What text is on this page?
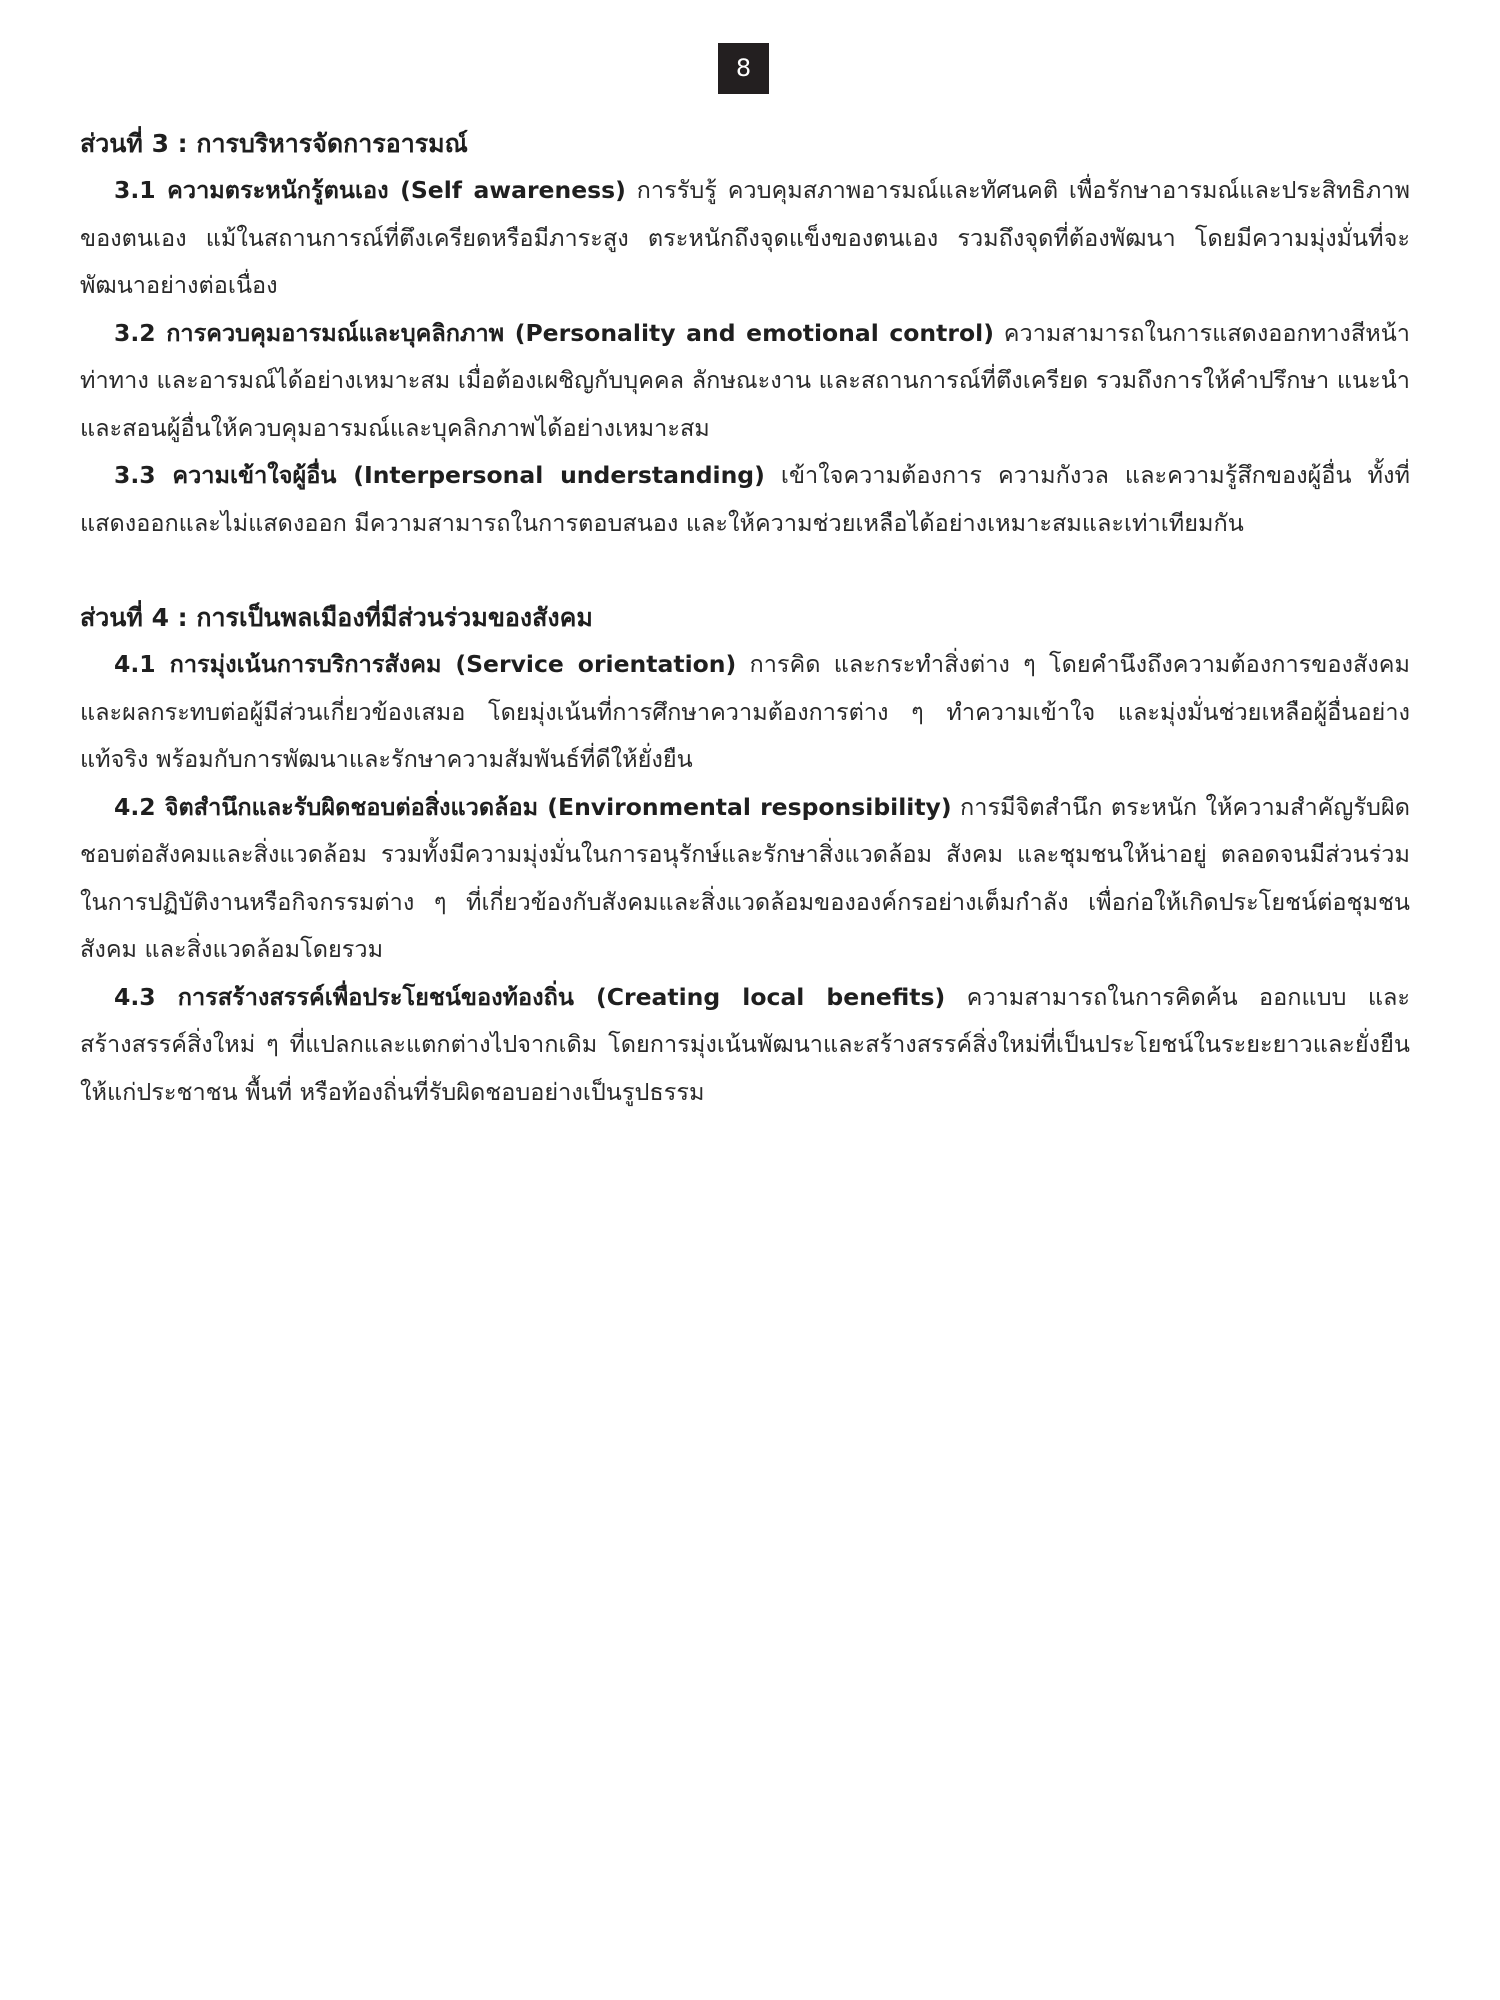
8
ส่วนที่ 3 : การบริหารจัดการอารมณ์

3.1 ความตระหนักรู้ตนเอง (Self awareness) การรับรู้ ควบคุมสภาพอารมณ์และทัศนคติ เพื่อรักษาอารมณ์และประสิทธิภาพของตนเอง แม้ในสถานการณ์ที่ตึงเครียดหรือมีภาระสูง ตระหนักถึงจุดแข็งของตนเอง รวมถึงจุดที่ต้องพัฒนา โดยมีความมุ่งมั่นที่จะพัฒนาอย่างต่อเนื่อง

3.2 การควบคุมอารมณ์และบุคลิกภาพ (Personality and emotional control) ความสามารถในการแสดงออกทางสีหน้า ท่าทาง และอารมณ์ได้อย่างเหมาะสม เมื่อต้องเผชิญกับบุคคล ลักษณะงาน และสถานการณ์ที่ตึงเครียด รวมถึงการให้คำปรึกษา แนะนำ และสอนผู้อื่นให้ควบคุมอารมณ์และบุคลิกภาพได้อย่างเหมาะสม

3.3 ความเข้าใจผู้อื่น (Interpersonal understanding) เข้าใจความต้องการ ความกังวล และความรู้สึกของผู้อื่น ทั้งที่แสดงออกและไม่แสดงออก มีความสามารถในการตอบสนอง และให้ความช่วยเหลือได้อย่างเหมาะสมและเท่าเทียมกัน

ส่วนที่ 4 : การเป็นพลเมืองที่มีส่วนร่วมของสังคม

4.1 การมุ่งเน้นการบริการสังคม (Service orientation) การคิด และกระทำสิ่งต่าง ๆ โดยคำนึงถึงความต้องการของสังคมและผลกระทบต่อผู้มีส่วนเกี่ยวข้องเสมอ โดยมุ่งเน้นที่การศึกษาความต้องการต่าง ๆ ทำความเข้าใจ และมุ่งมั่นช่วยเหลือผู้อื่นอย่างแท้จริง พร้อมกับการพัฒนาและรักษาความสัมพันธ์ที่ดีให้ยั่งยืน

4.2 จิตสำนึกและรับผิดชอบต่อสิ่งแวดล้อม (Environmental responsibility) การมีจิตสำนึก ตระหนัก ให้ความสำคัญรับผิดชอบต่อสังคมและสิ่งแวดล้อม รวมทั้งมีความมุ่งมั่นในการอนุรักษ์และรักษาสิ่งแวดล้อม สังคม และชุมชนให้น่าอยู่ ตลอดจนมีส่วนร่วมในการปฏิบัติงานหรือกิจกรรมต่าง ๆ ที่เกี่ยวข้องกับสังคมและสิ่งแวดล้อมขององค์กรอย่างเต็มกำลัง เพื่อก่อให้เกิดประโยชน์ต่อชุมชน สังคม และสิ่งแวดล้อมโดยรวม

4.3 การสร้างสรรค์เพื่อประโยชน์ของท้องถิ่น (Creating local benefits) ความสามารถในการคิดค้น ออกแบบ และสร้างสรรค์สิ่งใหม่ ๆ ที่แปลกและแตกต่างไปจากเดิม โดยการมุ่งเน้นพัฒนาและสร้างสรรค์สิ่งใหม่ที่เป็นประโยชน์ในระยะยาวและยั่งยืนให้แก่ประชาชน พื้นที่ หรือท้องถิ่นที่รับผิดชอบอย่างเป็นรูปธรรม
